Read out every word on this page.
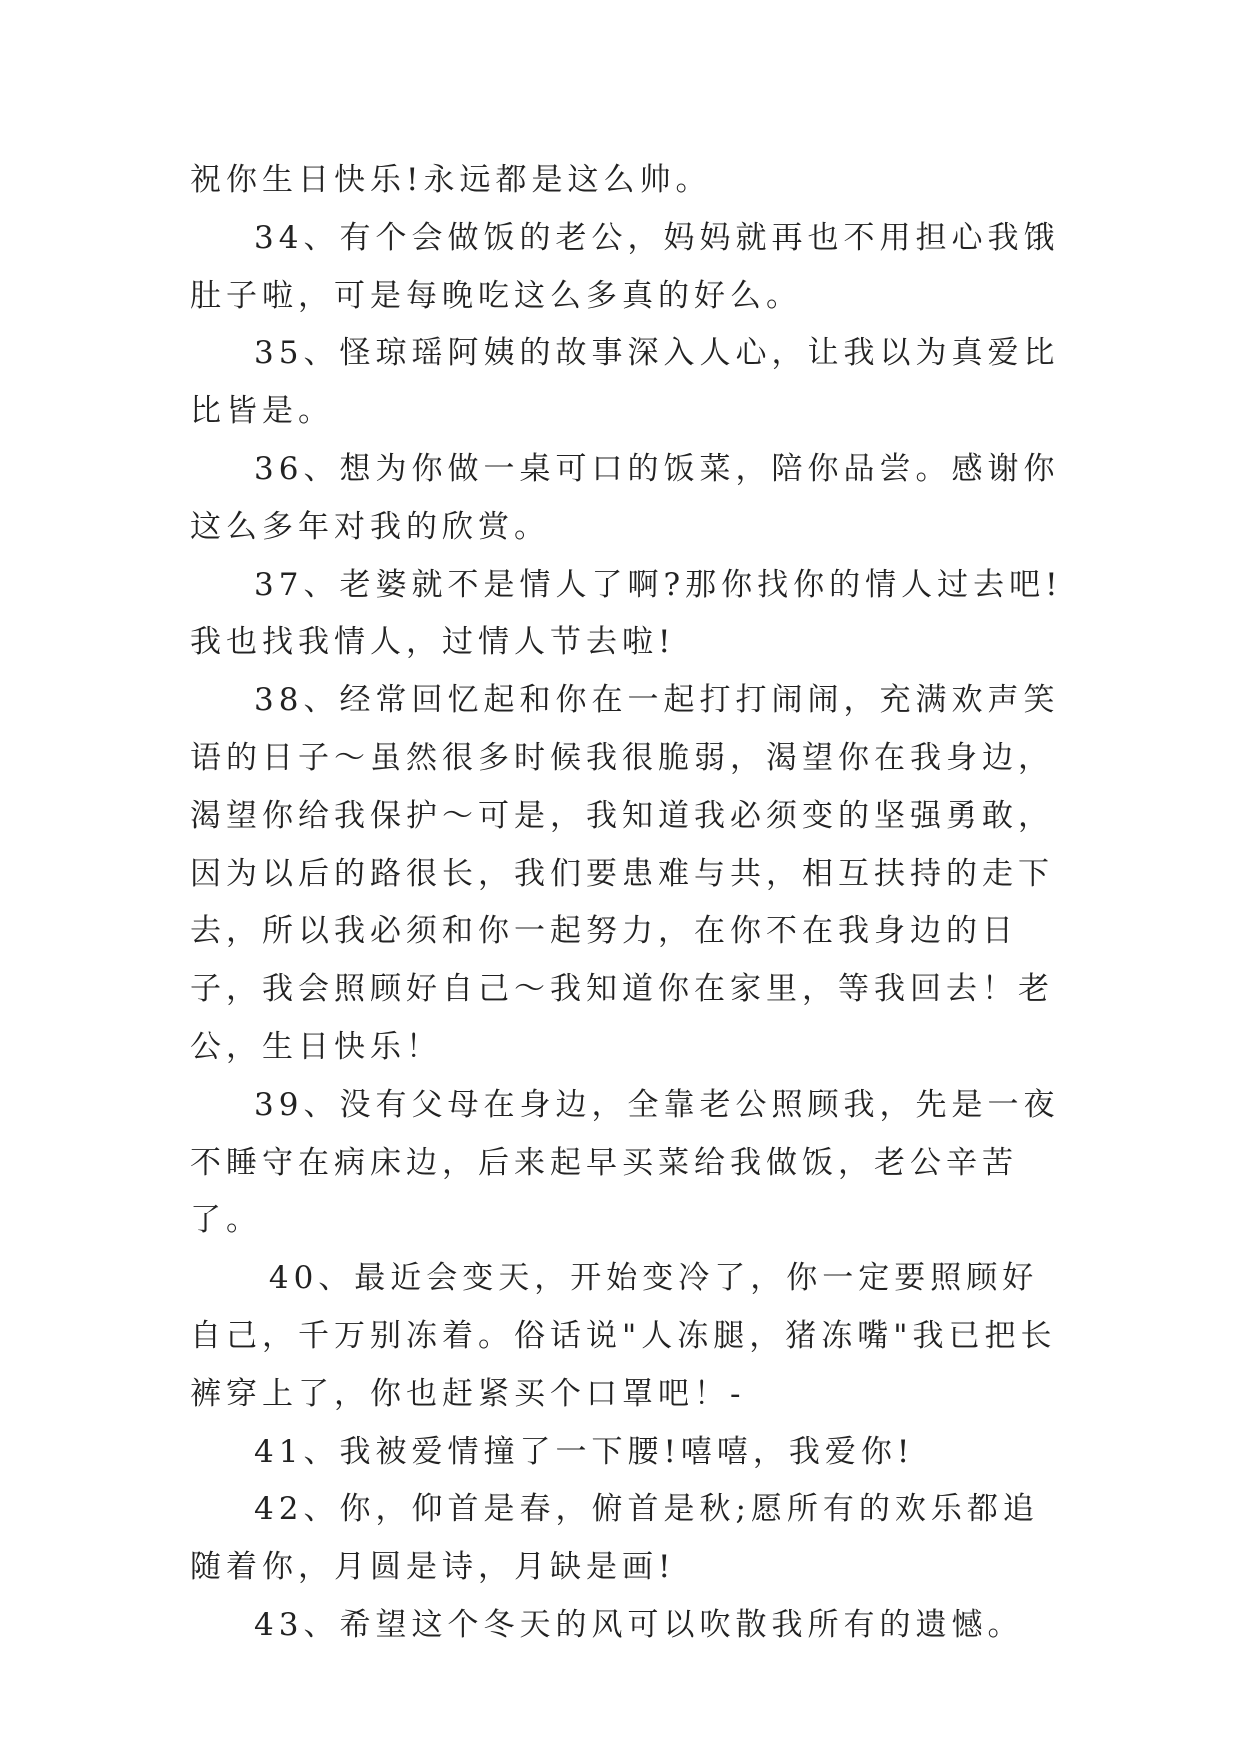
祝你生日快乐!永远都是这么帅。

34、有个会做饭的老公，妈妈就再也不用担心我饿肚子啦，可是每晚吃这么多真的好么。

35、怪琼瑶阿姨的故事深入人心，让我以为真爱比比皆是。

36、想为你做一桌可口的饭菜，陪你品尝。感谢你这么多年对我的欣赏。

37、老婆就不是情人了啊?那你找你的情人过去吧!我也找我情人，过情人节去啦!

38、经常回忆起和你在一起打打闹闹，充满欢声笑语的日子～虽然很多时候我很脆弱，渴望你在我身边，渴望你给我保护～可是，我知道我必须变的坚强勇敢，因为以后的路很长，我们要患难与共，相互扶持的走下去，所以我必须和你一起努力，在你不在我身边的日子，我会照顾好自己～我知道你在家里，等我回去！老公，生日快乐！

39、没有父母在身边，全靠老公照顾我，先是一夜不睡守在病床边，后来起早买菜给我做饭，老公辛苦了。

40、最近会变天，开始变冷了，你一定要照顾好自己，千万别冻着。俗话说"人冻腿，猪冻嘴"我已把长裤穿上了，你也赶紧买个口罩吧！-

41、我被爱情撞了一下腰!嘻嘻，我爱你!

42、你，仰首是春，俯首是秋;愿所有的欢乐都追随着你，月圆是诗，月缺是画!

43、希望这个冬天的风可以吹散我所有的遗憾。
